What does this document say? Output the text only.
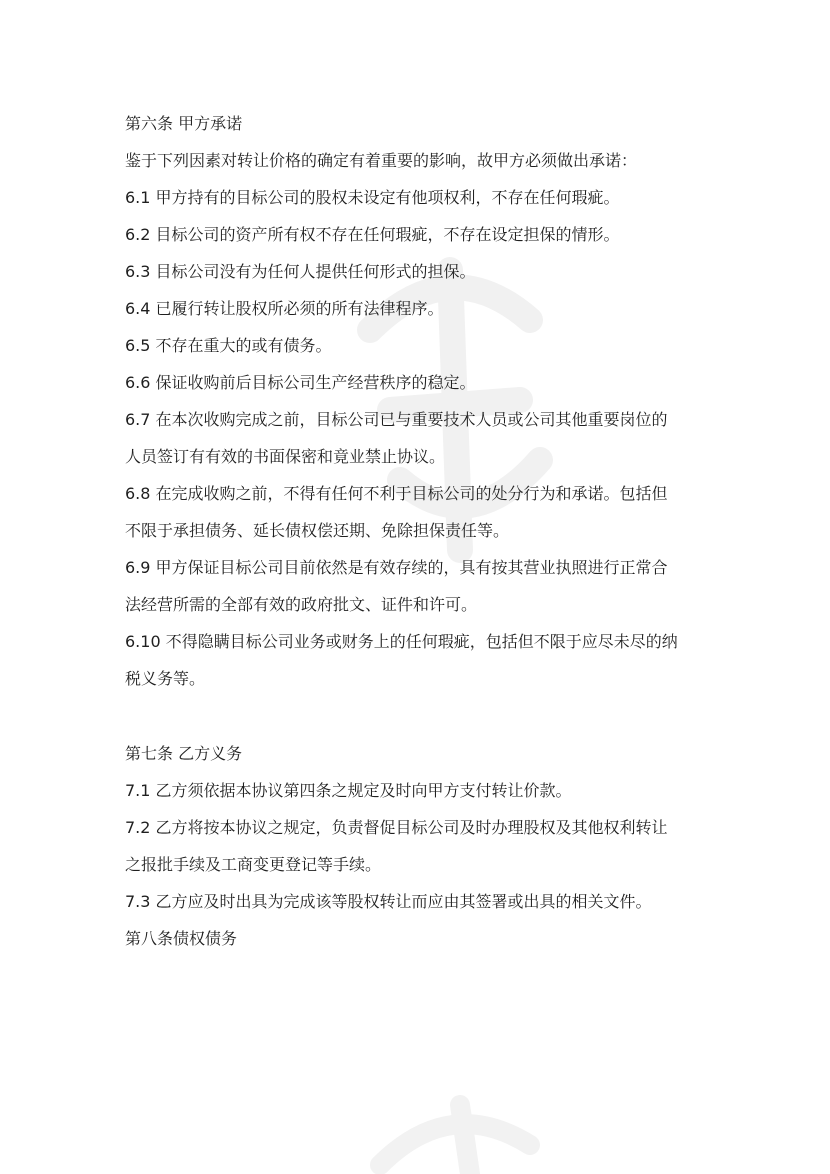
第六条 甲方承诺

鉴于下列因素对转让价格的确定有着重要的影响，故甲方必须做出承诺：

6.1 甲方持有的目标公司的股权未设定有他项权利，不存在任何瑕疵。

6.2 目标公司的资产所有权不存在任何瑕疵，不存在设定担保的情形。

6.3 目标公司没有为任何人提供任何形式的担保。

6.4 已履行转让股权所必须的所有法律程序。

6.5 不存在重大的或有债务。

6.6 保证收购前后目标公司生产经营秩序的稳定。

6.7 在本次收购完成之前，目标公司已与重要技术人员或公司其他重要岗位的

人员签订有有效的书面保密和竟业禁止协议。

6.8 在完成收购之前，不得有任何不利于目标公司的处分行为和承诺。包括但

不限于承担债务、延长债权偿还期、免除担保责任等。

6.9 甲方保证目标公司目前依然是有效存续的，具有按其营业执照进行正常合

法经营所需的全部有效的政府批文、证件和许可。

6.10 不得隐瞒目标公司业务或财务上的任何瑕疵，包括但不限于应尽未尽的纳

税义务等。

第七条 乙方义务

7.1 乙方须依据本协议第四条之规定及时向甲方支付转让价款。

7.2 乙方将按本协议之规定，负责督促目标公司及时办理股权及其他权利转让

之报批手续及工商变更登记等手续。

7.3 乙方应及时出具为完成该等股权转让而应由其签署或出具的相关文件。

第八条债权债务
